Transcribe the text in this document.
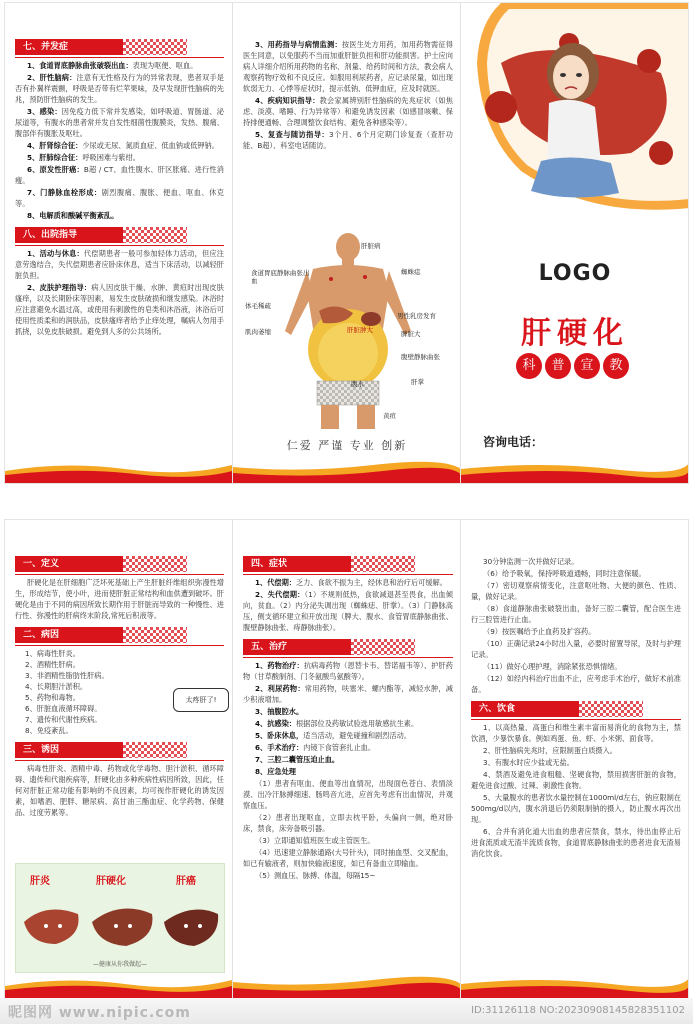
七、并发症

1、食道胃底静脉曲张破裂出血：表现为呕便、呕血。

2、肝性脑病：注意有无性格及行为的异常表现，患者双手是否有扑翼样震颤，呼吸是否带有烂苹果味，及早发现肝性脑病的先兆，预防肝性脑病的发生。

3、感染：因免疫力低下常并发感染，如呼吸道、胃肠道、泌尿道等，有腹水的患者常并发自发性细菌性腹膜炎，发热、腹痛、腹部伴有腹胀及呕吐。

4、肝肾综合征：少尿或无尿、氮质血症、低血钠或低钾钠。

5、肝肺综合征：呼吸困难与紫绀。

6、原发性肝癌：B超 / CT、血性腹水、肝区胀痛、进行性消瘦。

7、门静脉血栓形成：剧烈腹痛、腹胀、便血、呕血、休克等。

8、电解质和酸碱平衡紊乱。

八、出院指导

1、活动与休息：代偿期患者一般可参加轻体力活动，但应注意劳逸结合，失代偿期患者应卧床休息，适当下床活动，以减轻肝脏负担。

2、皮肤护理指导：病人因皮肤干燥、水肿、黄疸时出现皮肤瘙痒，以及长期卧床等因素，易发生皮肤破损和继发感染。沐浴时应注意避免水温过高，或使用有刺激性的皂类和沐浴液，沐浴后可使用性质柔和的润肤品，皮肤瘙痒者给予止痒处理，嘱病人勿用手抓挠，以免皮肤破损。避免到人多的公共场所。

3、用药指导与病情监测：按医生处方用药，加用药物需征得医生同意，以免服药不当而加重肝脏负担和肝功能损害。护士应向病人详细介绍所用药物的名称、剂量、给药时间和方法，教会病人观察药物疗效和不良反应。如服用利尿药者，应记录尿量，如出现软弱无力、心悸等症状时，提示低钠、低钾血症，应及时就医。

4、疾病知识指导：教会家属辨别肝性脑病的先兆症状（如焦虑、淡漠、嗜睡、行为异常等）和避免诱发因素（如感冒咳嗽、保持排便通畅、合理调整饮食结构、避免各种感染等）。

5、复查与随访指导：3个月、6个月定期门诊复查（查肝功能、B超）、科室电话随访。

肝脏病
食道胃底静脉曲张出血
蜘蛛痣
体毛稀疏
男性乳房发育
肝脏肿大
肌肉萎缩	脾脏大
腹壁静脉曲张
腹水	肝掌
黄疸
仁爱 严谨 专业 创新
LOGO
肝硬化
科	普	宣	教
咨询电话：
一、定义

肝硬化是在肝细胞广泛坏死基础上产生肝脏纤维组织弥漫性增生，形成结节，使小叶，进而使肝脏正常结构和血供遭到破坏。肝硬化是由于不同的病因所致长期作用于肝脏而导致的一种慢性、进行性、弥漫性的肝病终末阶段,常死后积液等。

二、病因

1、病毒性肝炎。

2、酒精性肝病。

3、非酒精性脂肪性肝病。

4、长期胆汁淤积。

5、药物和毒物。

6、肝脏血液循环障碍。

7、遗传和代谢性疾病。

8、免疫紊乱。

三、诱因

病毒性肝炎、酒精中毒、药物或化学毒物、胆汁淤积、循环障碍、遗传和代谢疾病等，肝硬化由多种疾病性病因所致，因此，任何对肝脏正常功能有影响的不良因素，均可视作肝硬化的诱发因素，如嗜酒、肥胖、糖尿病、高甘油三酯血症、化学药物、保健品、过度劳累等。

太疼肝了!
肝炎	肝硬化	肝癌
—健康从你我做起—
四、症状

1、代偿期：乏力、食欲不振为主，经休息和治疗后可缓解。

2、失代偿期：（1）不规则低热，食欲减退甚至畏食，出血倾向，贫血。（2）内分泌失调出现（蜘蛛痣、肝掌）。（3）门静脉高压，侧支循环建立和开放出现（脾大、腹水、食管胃底静脉曲张、腹壁静脉曲张、痔静脉曲张）。

五、治疗

1、药物治疗：抗病毒药物（恩替卡韦、替诺福韦等）、护肝药物（甘草酸制剂、门冬氨酸鸟氨酸等）。

2、利尿药物：常用药物，呋塞米、螺内酯等，减轻水肿，减少积液增加。

3、抽腹腔水。

4、抗感染：根据部位及药敏试验选用敏感抗生素。

5、卧床休息，适当活动，避免碰撞和剧烈活动。

6、手术治疗：内镜下食管套扎止血。

7、三腔二囊管压迫止血。

8、应急处理

（1）患者有呕血、便血等出血情况，出现面色苍白、表情淡漠、出冷汗脉搏细速、肠鸣音亢进，应首先考虑有出血情况，并观察血压。

（2）患者出现呕血，立即去枕平卧，头偏向一侧，绝对卧床，禁食，床旁备吸引器。

（3）立即通知值班医生或主管医生。

（4）迅速建立静脉通路(大号针头)，同时抽血型、交叉配血，如已有输液者，则加快输液速度，如已有备血立即输血。

（5）测血压、脉搏、体温，每隔15~

30分钟监测一次并做好记录。

（6）给予吸氧，保持呼吸道通畅，同时注意保暖。

（7）密切观察病情变化，注意呕吐物、大便的颜色、性质、量，做好记录。

（8）食道静脉曲张破裂出血，备好三腔二囊管，配合医生进行三腔管进行止血。

（9）按医嘱给予止血药及扩容药。

（10）正确记录24小时出入量，必要时留置导尿，及时与护理记录。

（11）做好心理护理，消除紧张恐惧情绪。

（12）如经内科治疗出血不止，应考虑手术治疗，做好术前准备。

六、饮食

1、以高热量、高蛋白和维生素丰富而易消化的食物为主，禁饮酒，少暴饮暴食。例如鸡蛋、鱼、虾、小米粥、面食等。

2、肝性脑病先兆时，应限制蛋白质摄入。

3、有腹水时应少盐或无盐。

4、禁酒及避免进食粗糙、坚硬食物，禁用损害肝脏的食物，避免进食过酸、过辣、刺激性食物。

5、大量腹水的患者饮水量控制在1000ml/d左右，钠应限制在500mg/d以内，腹水消退后仍须限制钠的摄入，防止腹水再次出现。

6、合并有消化道大出血的患者应禁食，禁水，待出血停止后进食流质或无渣半流质食物，食道胃底静脉曲张的患者进食无渣易消化饮食。

昵图网 www.nipic.com	ID:31126118 NO:20230908145828351102
